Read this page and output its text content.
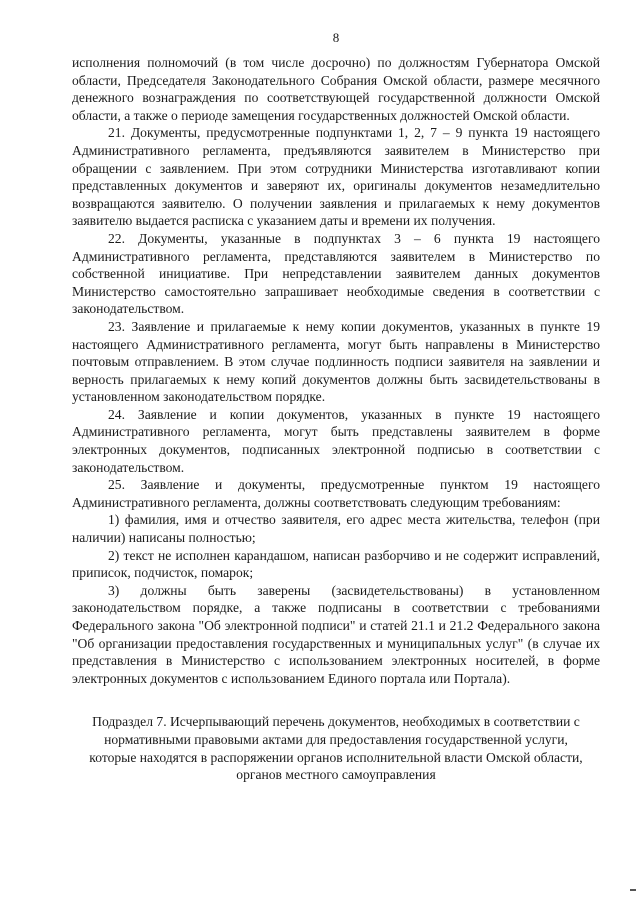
8

исполнения полномочий (в том числе досрочно) по должностям Губернатора Омской области, Председателя Законодательного Собрания Омской области, размере месячного денежного вознаграждения по соответствующей государственной должности Омской области, а также о периоде замещения государственных должностей Омской области.

21. Документы, предусмотренные подпунктами 1, 2, 7 – 9 пункта 19 настоящего Административного регламента, предъявляются заявителем в Министерство при обращении с заявлением. При этом сотрудники Министерства изготавливают копии представленных документов и заверяют их, оригиналы документов незамедлительно возвращаются заявителю. О получении заявления и прилагаемых к нему документов заявителю выдается расписка с указанием даты и времени их получения.

22. Документы, указанные в подпунктах 3 – 6 пункта 19 настоящего Административного регламента, представляются заявителем в Министерство по собственной инициативе. При непредставлении заявителем данных документов Министерство самостоятельно запрашивает необходимые сведения в соответствии с законодательством.

23. Заявление и прилагаемые к нему копии документов, указанных в пункте 19 настоящего Административного регламента, могут быть направлены в Министерство почтовым отправлением. В этом случае подлинность подписи заявителя на заявлении и верность прилагаемых к нему копий документов должны быть засвидетельствованы в установленном законодательством порядке.

24. Заявление и копии документов, указанных в пункте 19 настоящего Административного регламента, могут быть представлены заявителем в форме электронных документов, подписанных электронной подписью в соответствии с законодательством.

25. Заявление и документы, предусмотренные пунктом 19 настоящего Административного регламента, должны соответствовать следующим требованиям:

1) фамилия, имя и отчество заявителя, его адрес места жительства, телефон (при наличии) написаны полностью;

2) текст не исполнен карандашом, написан разборчиво и не содержит исправлений, приписок, подчисток, помарок;

3) должны быть заверены (засвидетельствованы) в установленном законодательством порядке, а также подписаны в соответствии с требованиями Федерального закона "Об электронной подписи" и статей 21.1 и 21.2 Федерального закона "Об организации предоставления государственных и муниципальных услуг" (в случае их представления в Министерство с использованием электронных носителей, в форме электронных документов с использованием Единого портала или Портала).

Подраздел 7. Исчерпывающий перечень документов, необходимых в соответствии с нормативными правовыми актами для предоставления государственной услуги, которые находятся в распоряжении органов исполнительной власти Омской области, органов местного самоуправления
